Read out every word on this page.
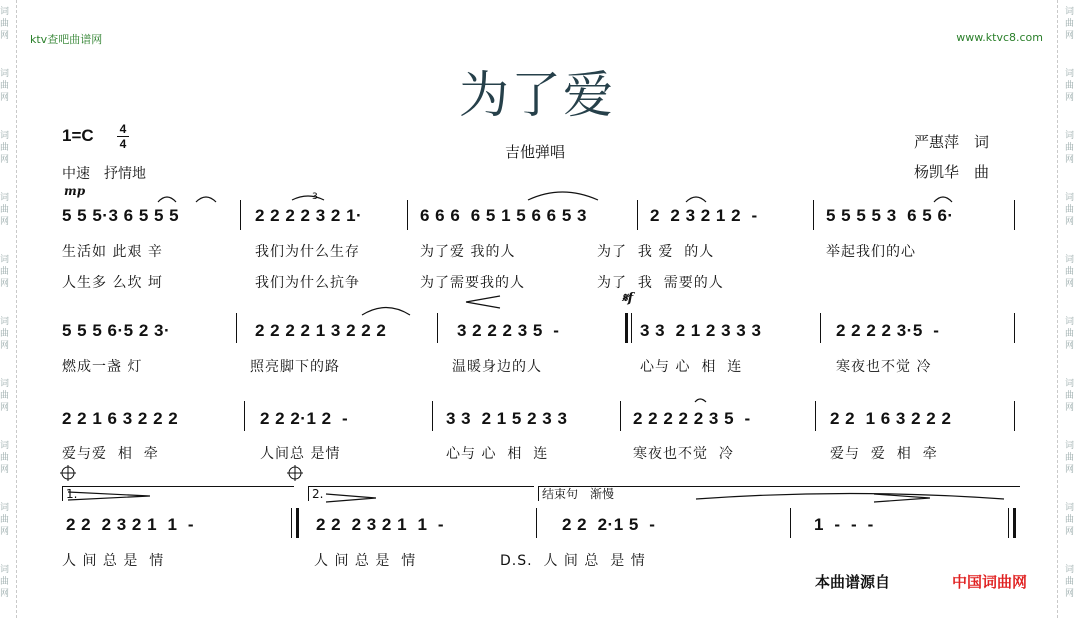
ktv查吧曲谱网	www.ktvc8.com
为了爱
1=C 4
4
中速　抒情地
吉他弹唱
严惠萍　词
杨凯华　曲
mp
𝄋f
5 5 5·3 6 5 5 5	2 2 2 2 3 2 1·	6 6 6  6 5 1 5 6 6 5 3	2  2 3 2 1 2  -	5 5 5 5 3  6 5 6·
生活如 此艰 辛	我们为什么生存	为了爱 我的人	为了  我 爱  的人	举起我们的心
人生多 么坎 坷	我们为什么抗争	为了需要我的人	为了  我  需要的人
5 5 5 6·5 2 3·	2 2 2 2 1 3 2 2 2	3 2 2 2 3 5  -	3 3  2 1 2 3 3 3	2 2 2 2 3·5  -
燃成一盏 灯	照亮脚下的路	温暖身边的人	心与 心  相  连	寒夜也不觉 冷
2 2 1 6 3 2 2 2	2 2 2·1 2  -	3 3  2 1 5 2 3 3	2 2 2 2 2 3 5  -	2 2  1 6 3 2 2 2
爱与爱  相  牵	人间总 是情	心与 心  相  连	寒夜也不觉  冷	爱与  爱  相  牵
1.	2.	结束句　渐慢
2 2  2 3 2 1  1  -	2 2  2 3 2 1  1  -	2 2  2·1 5  -	1  -  -  -
人 间 总 是  情	人 间 总 是  情	D.S.  人 间 总  是 情
3
本曲谱源自	中国词曲网
词
曲
网
词
曲
网
词
曲
网
词
曲
网
词
曲
网
词
曲
网
词
曲
网
词
曲
网
词
曲
网
词
曲
网
词
曲
网
词
曲
网
词
曲
网
词
曲
网
词
曲
网
词
曲
网
词
曲
网
词
曲
网
词
曲
网
词
曲
网
